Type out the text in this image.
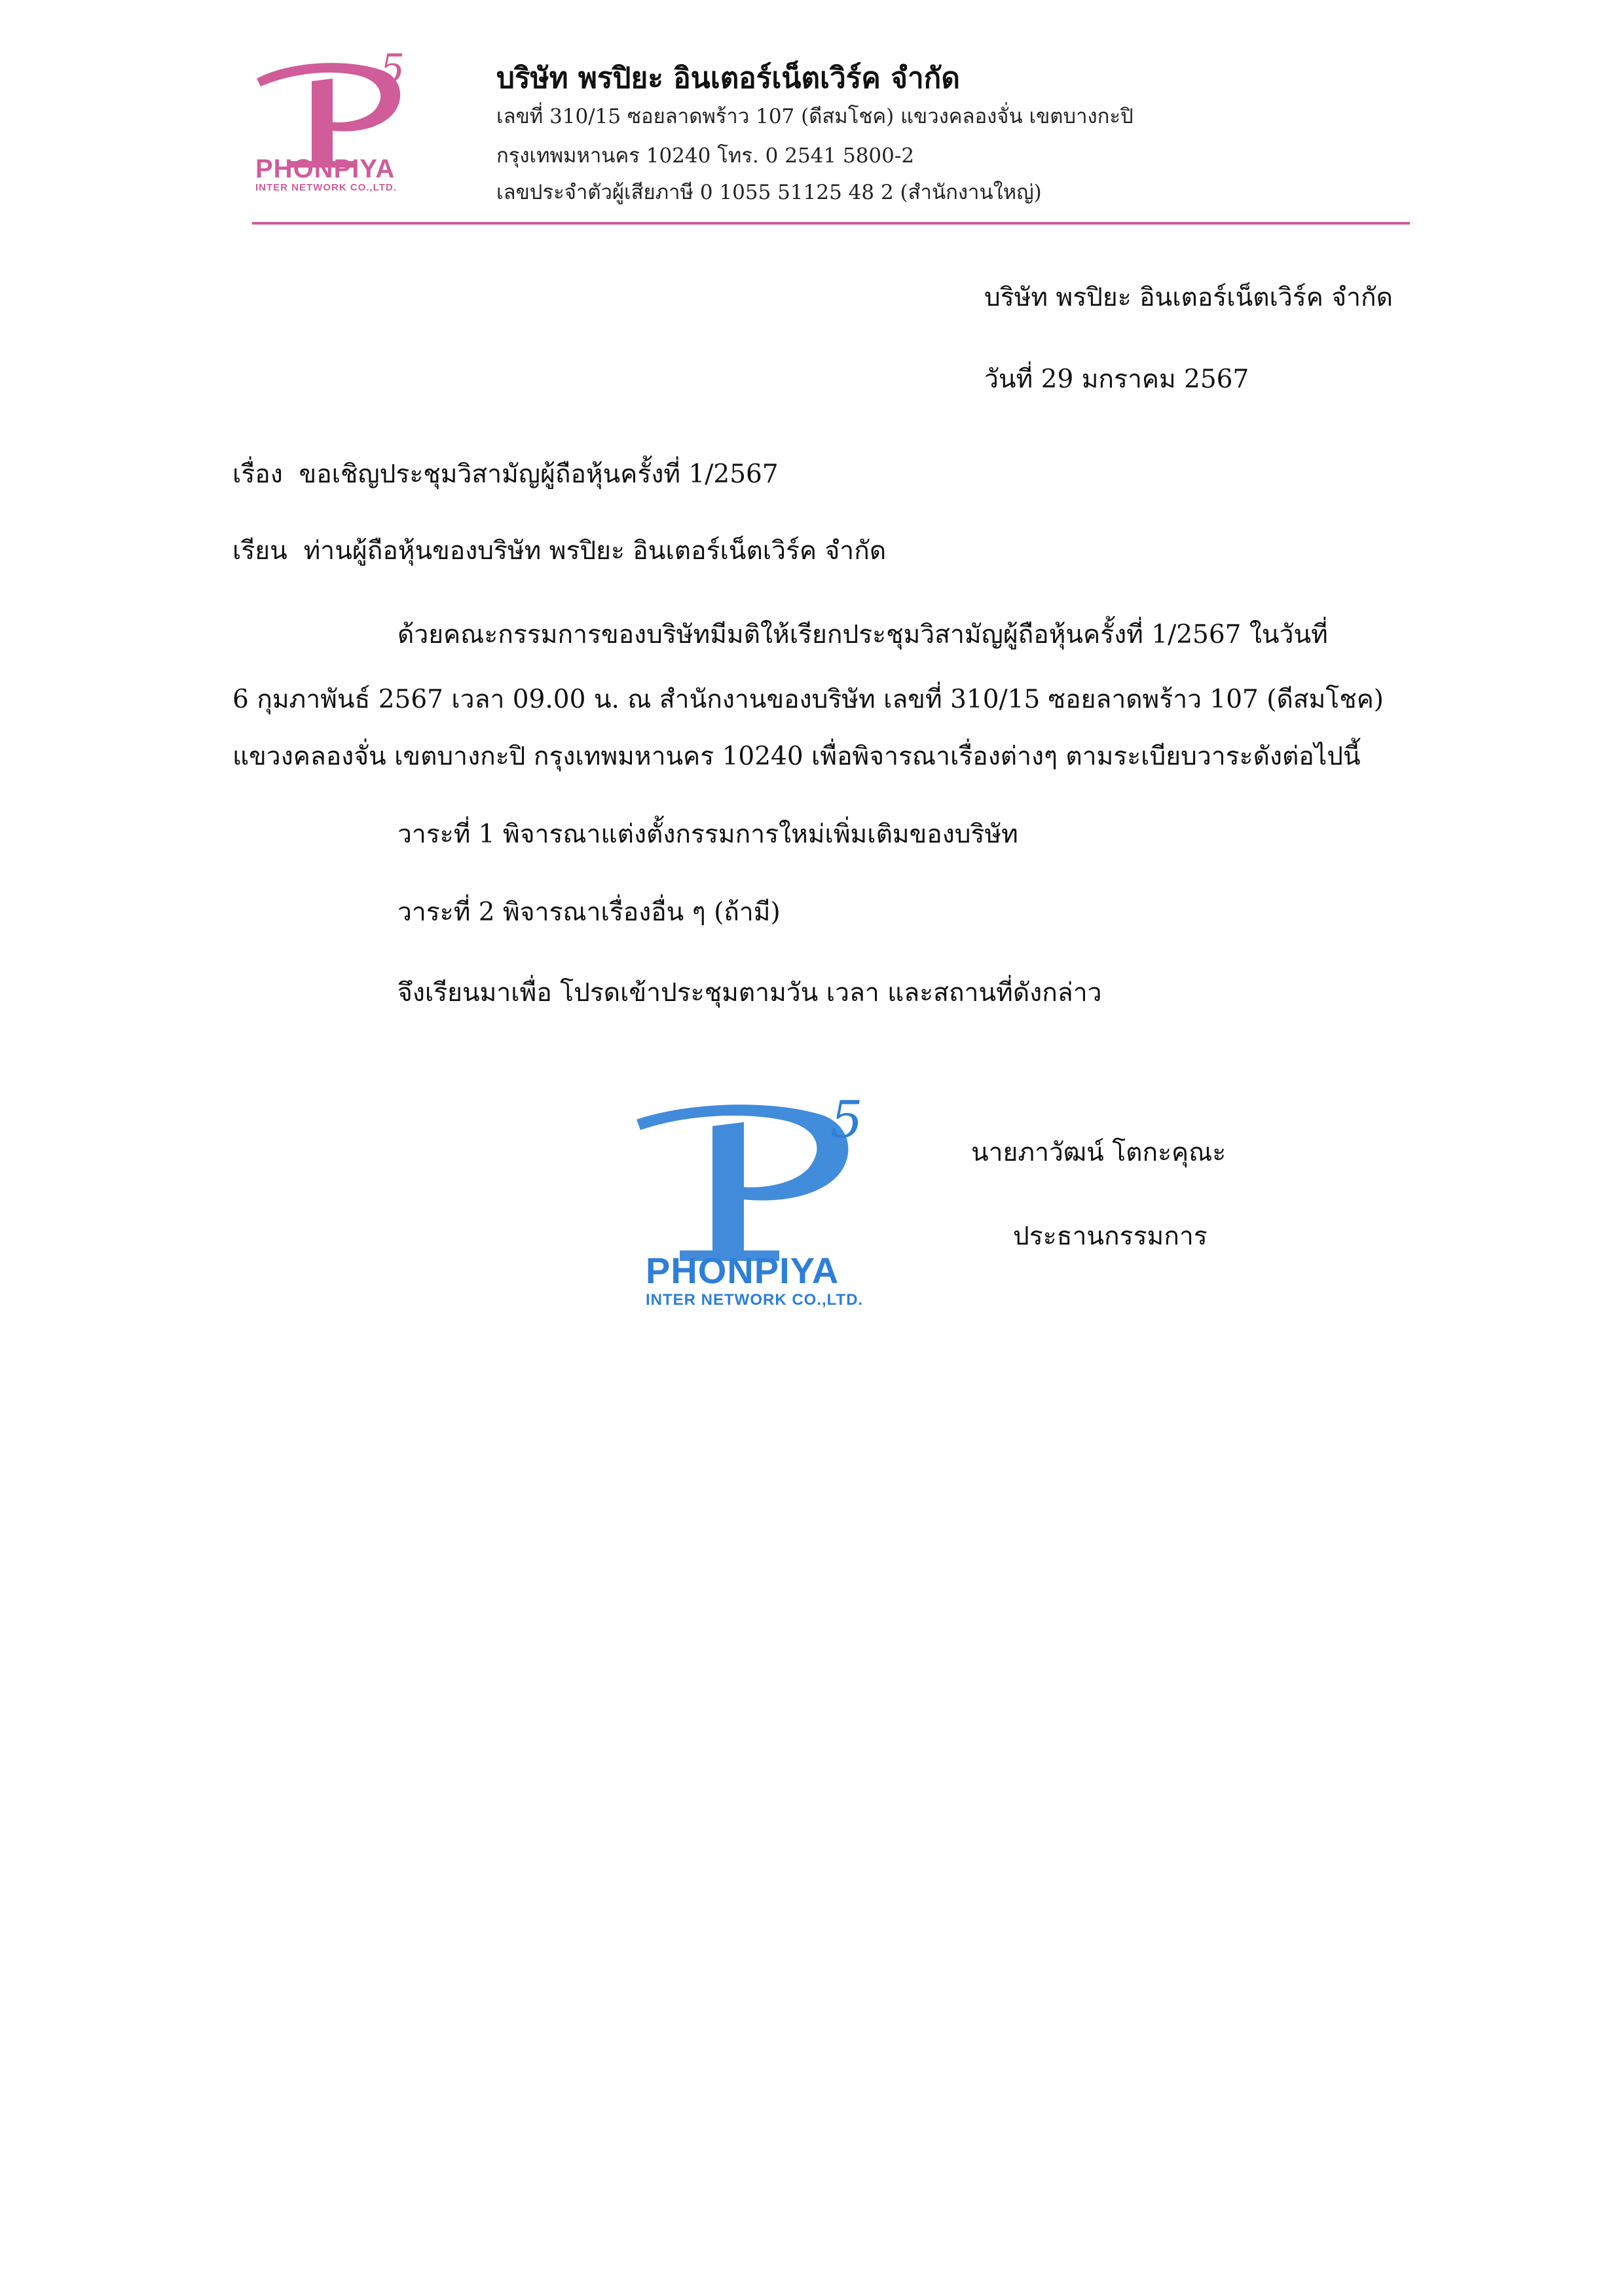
5
PHONPIYA
INTER NETWORK CO.,LTD.
บริษัท พรปิยะ อินเตอร์เน็ตเวิร์ค จำกัด
เลขที่ 310/15 ซอยลาดพร้าว 107 (ดีสมโชค) แขวงคลองจั่น เขตบางกะปิ
กรุงเทพมหานคร 10240 โทร. 0 2541 5800-2
เลขประจำตัวผู้เสียภาษี 0 1055 51125 48 2 (สำนักงานใหญ่)
บริษัท พรปิยะ อินเตอร์เน็ตเวิร์ค จำกัด
วันที่ 29 มกราคม 2567
เรื่อง ขอเชิญประชุมวิสามัญผู้ถือหุ้นครั้งที่ 1/2567
เรียน ท่านผู้ถือหุ้นของบริษัท พรปิยะ อินเตอร์เน็ตเวิร์ค จำกัด
ด้วยคณะกรรมการของบริษัทมีมติให้เรียกประชุมวิสามัญผู้ถือหุ้นครั้งที่ 1/2567 ในวันที่
6 กุมภาพันธ์ 2567 เวลา 09.00 น. ณ สำนักงานของบริษัท เลขที่ 310/15 ซอยลาดพร้าว 107 (ดีสมโชค)
แขวงคลองจั่น เขตบางกะปิ กรุงเทพมหานคร 10240 เพื่อพิจารณาเรื่องต่างๆ ตามระเบียบวาระดังต่อไปนี้
วาระที่ 1 พิจารณาแต่งตั้งกรรมการใหม่เพิ่มเติมของบริษัท
วาระที่ 2 พิจารณาเรื่องอื่น ๆ (ถ้ามี)
จึงเรียนมาเพื่อ โปรดเข้าประชุมตามวัน เวลา และสถานที่ดังกล่าว
5
PHONPIYA
INTER NETWORK CO.,LTD.
นายภาวัฒน์ โตกะคุณะ
ประธานกรรมการ
